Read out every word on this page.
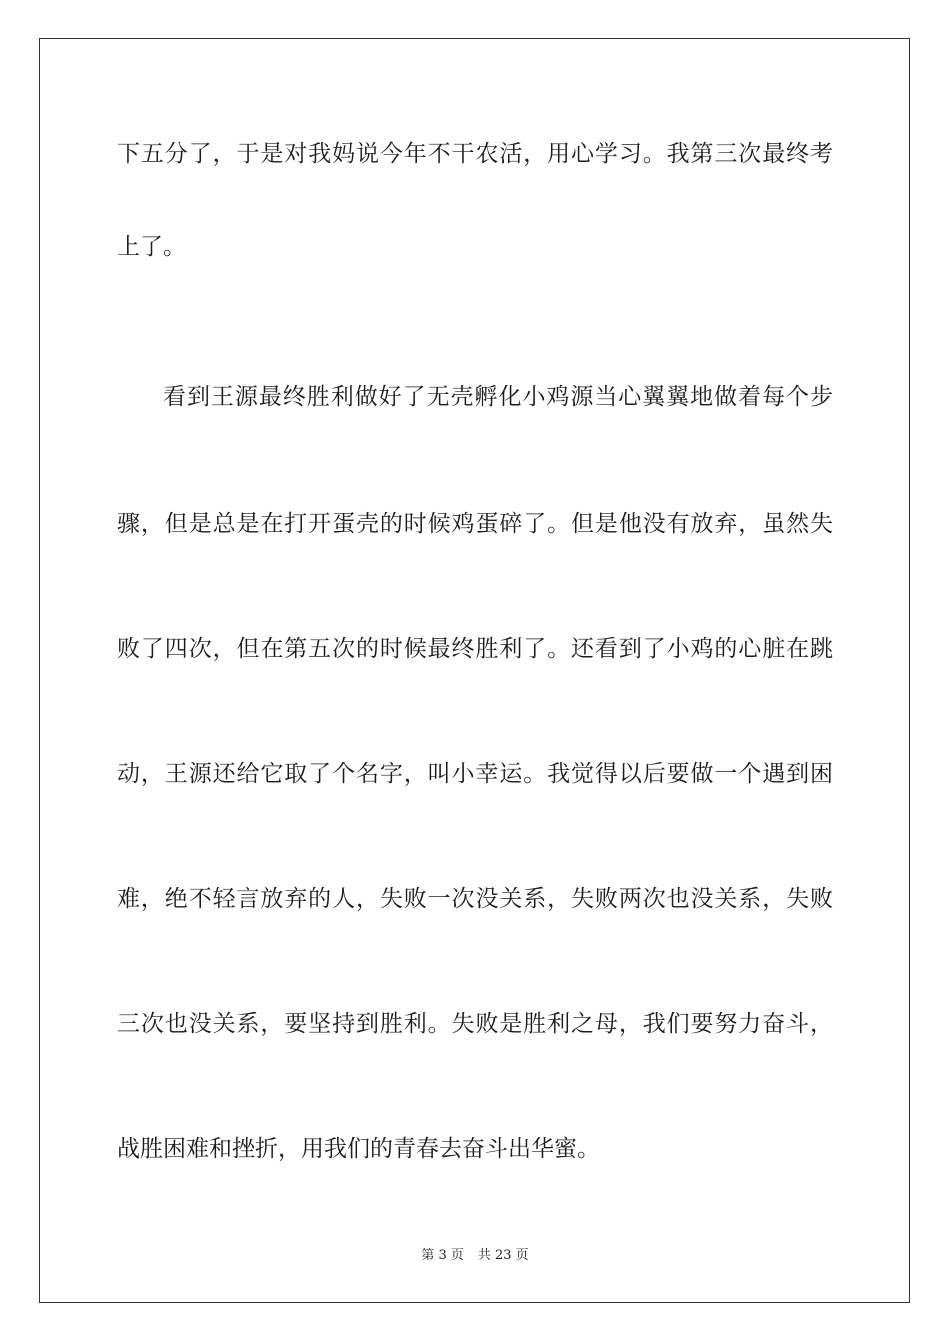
下五分了，于是对我妈说今年不干农活，用心学习。我第三次最终考
上了。
看到王源最终胜利做好了无壳孵化小鸡源当心翼翼地做着每个步
骤，但是总是在打开蛋壳的时候鸡蛋碎了。但是他没有放弃，虽然失
败了四次，但在第五次的时候最终胜利了。还看到了小鸡的心脏在跳
动，王源还给它取了个名字，叫小幸运。我觉得以后要做一个遇到困
难，绝不轻言放弃的人，失败一次没关系，失败两次也没关系，失败
三次也没关系，要坚持到胜利。失败是胜利之母，我们要努力奋斗，
战胜困难和挫折，用我们的青春去奋斗出华蜜。
第 3 页 共 23 页
